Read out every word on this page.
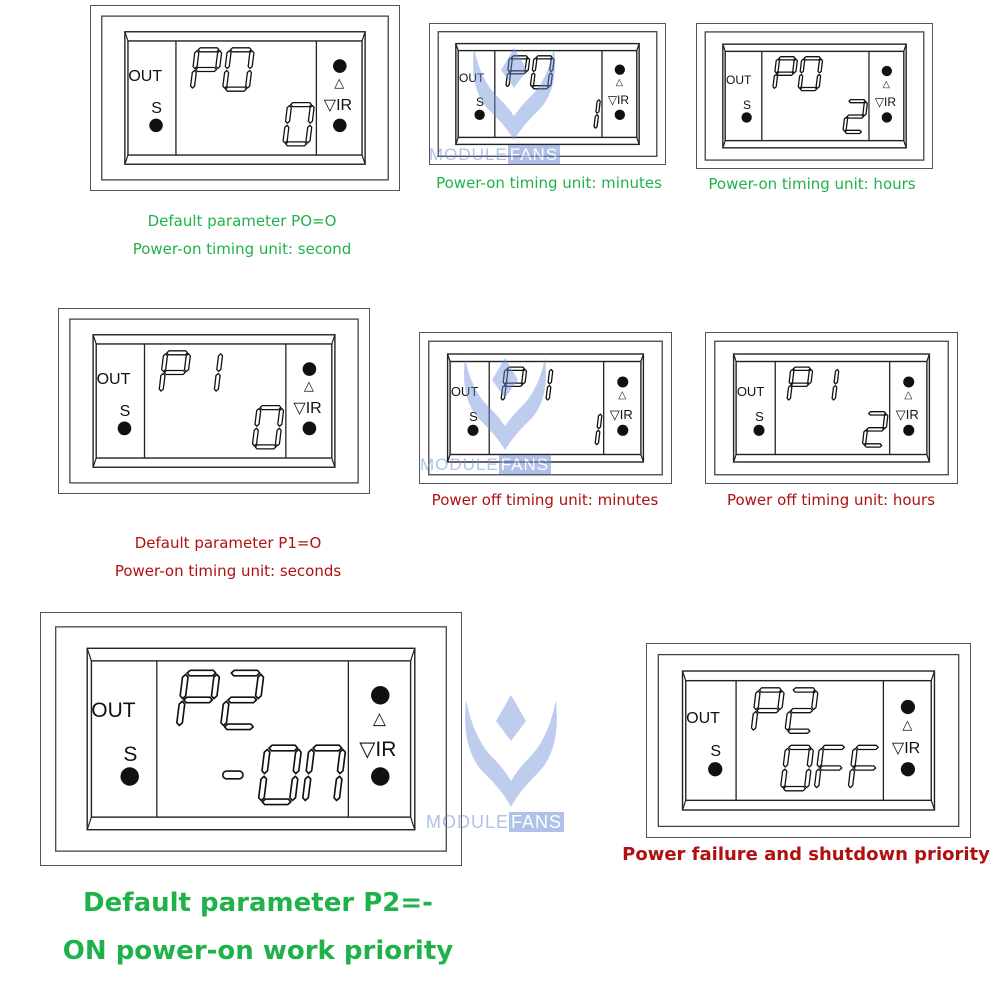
OUT
S
△
▽IR
OUT
S
△
▽IR
OUT
S
△
▽IR
OUT
S
△
▽IR
OUT
S
△
▽IR
OUT
S
△
▽IR
OUT
S
△
▽IR
OUT
S
△
▽IR
MODULE FANS
MODULE FANS
MODULE FANS
Default parameter PO=O
Power-on timing unit: second
Power-on timing unit: minutes	Power-on timing unit: hours
Default parameter P1=O
Power-on timing unit: seconds
Power off timing unit: minutes	Power off timing unit: hours
Default parameter P2=-
ON power-on work priority
Power failure and shutdown priority
